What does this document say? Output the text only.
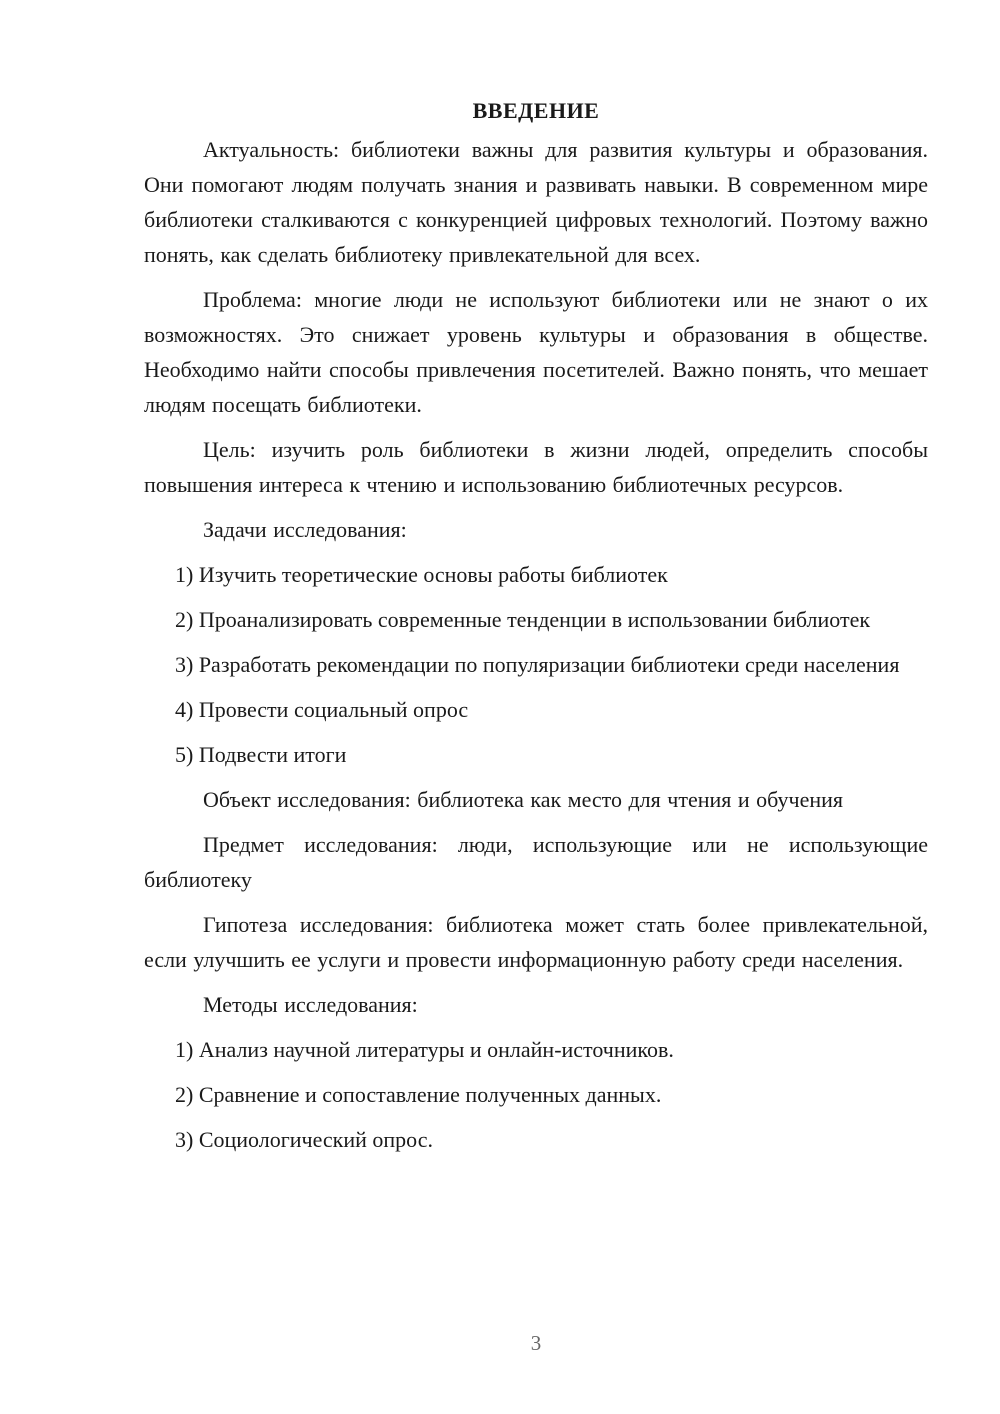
ВВЕДЕНИЕ

Актуальность: библиотеки важны для развития культуры и образования. Они помогают людям получать знания и развивать навыки. В современном мире библиотеки сталкиваются с конкуренцией цифровых технологий. Поэтому важно понять, как сделать библиотеку привлекательной для всех.

Проблема: многие люди не используют библиотеки или не знают о их возможностях. Это снижает уровень культуры и образования в обществе. Необходимо найти способы привлечения посетителей. Важно понять, что мешает людям посещать библиотеки.

Цель: изучить роль библиотеки в жизни людей, определить способы повышения интереса к чтению и использованию библиотечных ресурсов.

Задачи исследования:

1) Изучить теоретические основы работы библиотек

2) Проанализировать современные тенденции в использовании библиотек

3) Разработать рекомендации по популяризации библиотеки среди населения

4) Провести социальный опрос

5) Подвести итоги

Объект исследования: библиотека как место для чтения и обучения

Предмет исследования: люди, использующие или не использующие библиотеку

Гипотеза исследования: библиотека может стать более привлекательной, если улучшить ее услуги и провести информационную работу среди населения.

Методы исследования:

1) Анализ научной литературы и онлайн-источников.

2) Сравнение и сопоставление полученных данных.

3) Социологический опрос.

3
